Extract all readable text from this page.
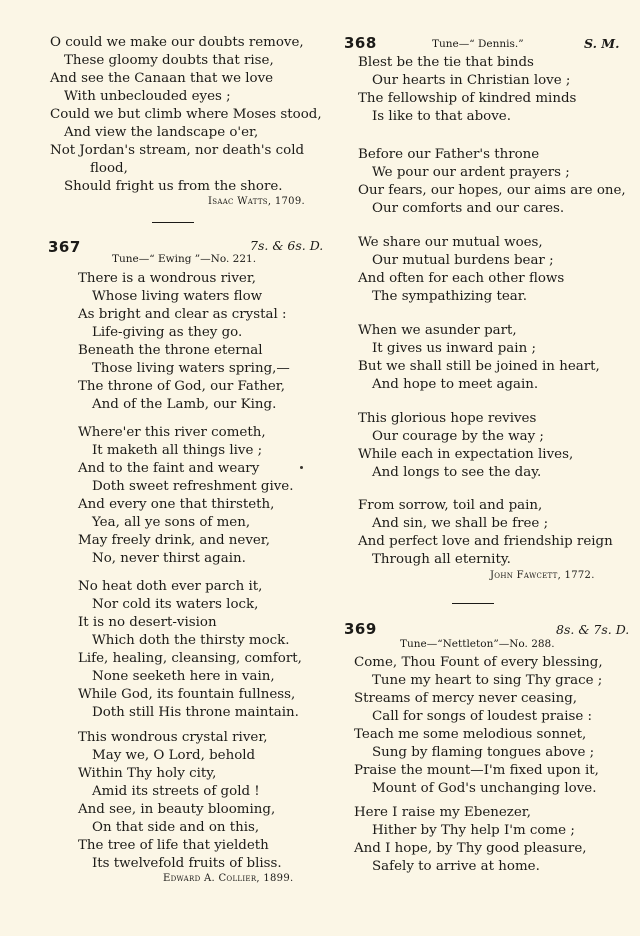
O could we make our doubts remove,
These gloomy doubts that rise,
And see the Canaan that we love
With unbeclouded eyes ;
Could we but climb where Moses stood,
And view the landscape o'er,
Not Jordan's stream, nor death's cold
flood,
Should fright us from the shore.
Isaac Watts, 1709.
367	7s. & 6s. D.
Tune—“ Ewing ”—No. 221.
There is a wondrous river,
Whose living waters flow
As bright and clear as crystal :
Life-giving as they go.
Beneath the throne eternal
Those living waters spring,—
The throne of God, our Father,
And of the Lamb, our King.
Where'er this river cometh,
It maketh all things live ;
And to the faint and weary
Doth sweet refreshment give.
And every one that thirsteth,
Yea, all ye sons of men,
May freely drink, and never,
No, never thirst again.
No heat doth ever parch it,
Nor cold its waters lock,
It is no desert-vision
Which doth the thirsty mock.
Life, healing, cleansing, comfort,
None seeketh here in vain,
While God, its fountain fullness,
Doth still His throne maintain.
This wondrous crystal river,
May we, O Lord, behold
Within Thy holy city,
Amid its streets of gold !
And see, in beauty blooming,
On that side and on this,
The tree of life that yieldeth
Its twelvefold fruits of bliss.
Edward A. Collier, 1899.
368	Tune—“ Dennis.”	S. M.
Blest be the tie that binds
Our hearts in Christian love ;
The fellowship of kindred minds
Is like to that above.
Before our Father's throne
We pour our ardent prayers ;
Our fears, our hopes, our aims are one,
Our comforts and our cares.
We share our mutual woes,
Our mutual burdens bear ;
And often for each other flows
The sympathizing tear.
When we asunder part,
It gives us inward pain ;
But we shall still be joined in heart,
And hope to meet again.
This glorious hope revives
Our courage by the way ;
While each in expectation lives,
And longs to see the day.
From sorrow, toil and pain,
And sin, we shall be free ;
And perfect love and friendship reign
Through all eternity.
John Fawcett, 1772.
369	8s. & 7s. D.
Tune—“Nettleton”—No. 288.
Come, Thou Fount of every blessing,
Tune my heart to sing Thy grace ;
Streams of mercy never ceasing,
Call for songs of loudest praise :
Teach me some melodious sonnet,
Sung by flaming tongues above ;
Praise the mount—I'm fixed upon it,
Mount of God's unchanging love.
Here I raise my Ebenezer,
Hither by Thy help I'm come ;
And I hope, by Thy good pleasure,
Safely to arrive at home.
